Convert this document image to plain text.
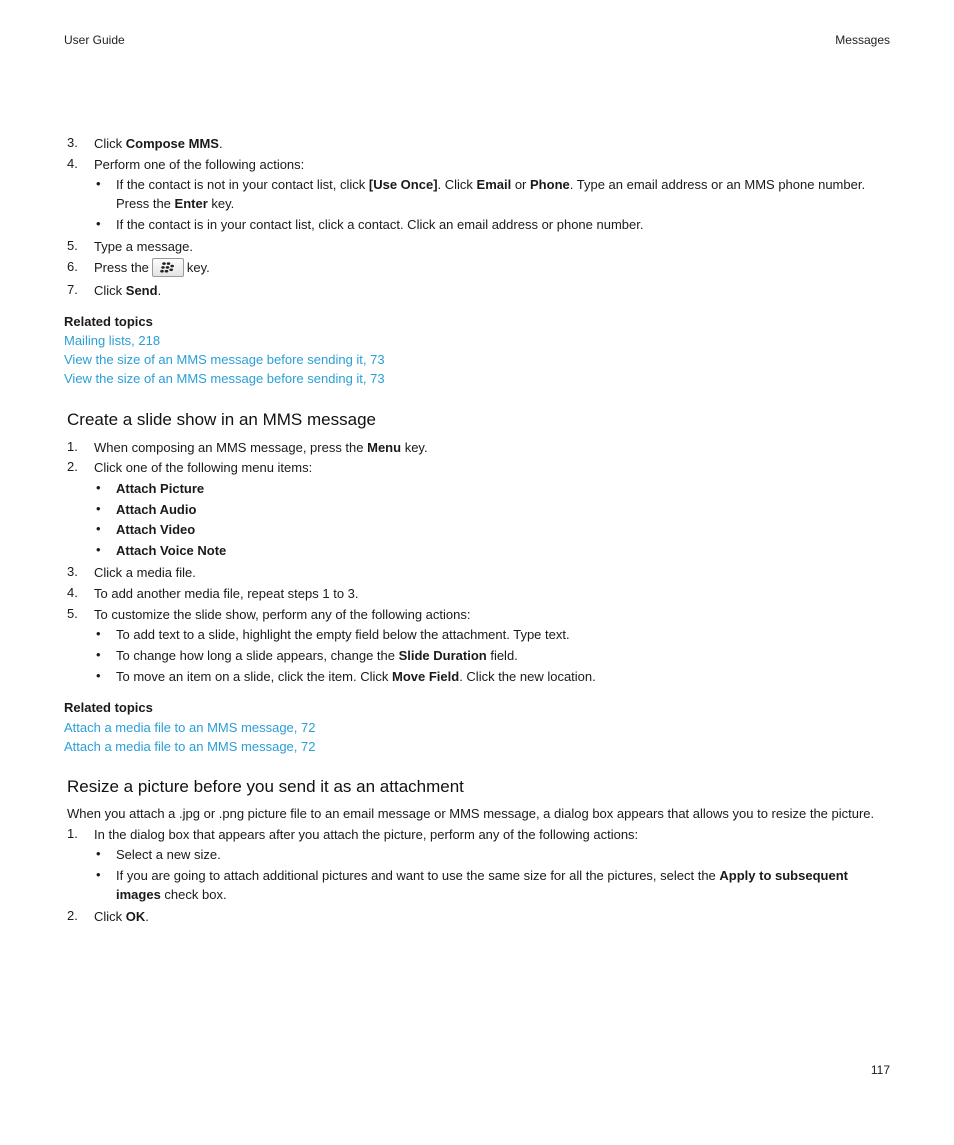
User Guide	Messages
3.	Click Compose MMS.
4.	Perform one of the following actions:
• If the contact is not in your contact list, click [Use Once]. Click Email or Phone. Type an email address or an MMS phone number.
Press the Enter key.
• If the contact is in your contact list, click a contact. Click an email address or phone number.
5.	Type a message.
6.	Press the	key.
7.	Click Send.
Related topics
Mailing lists, 218
View the size of an MMS message before sending it, 73
View the size of an MMS message before sending it, 73
Create a slide show in an MMS message
1.	When composing an MMS message, press the Menu key.
2.	Click one of the following menu items:
• Attach Picture
• Attach Audio
• Attach Video
• Attach Voice Note
3.	Click a media file.
4.	To add another media file, repeat steps 1 to 3.
5.	To customize the slide show, perform any of the following actions:
• To add text to a slide, highlight the empty field below the attachment. Type text.
• To change how long a slide appears, change the Slide Duration field.
• To move an item on a slide, click the item. Click Move Field. Click the new location.
Related topics
Attach a media file to an MMS message, 72
Attach a media file to an MMS message, 72
Resize a picture before you send it as an attachment
When you attach a .jpg or .png picture file to an email message or MMS message, a dialog box appears that allows you to resize the picture.
1.	In the dialog box that appears after you attach the picture, perform any of the following actions:
• Select a new size.
• If you are going to attach additional pictures and want to use the same size for all the pictures, select the Apply to subsequent
images check box.
2.	Click OK.
117
